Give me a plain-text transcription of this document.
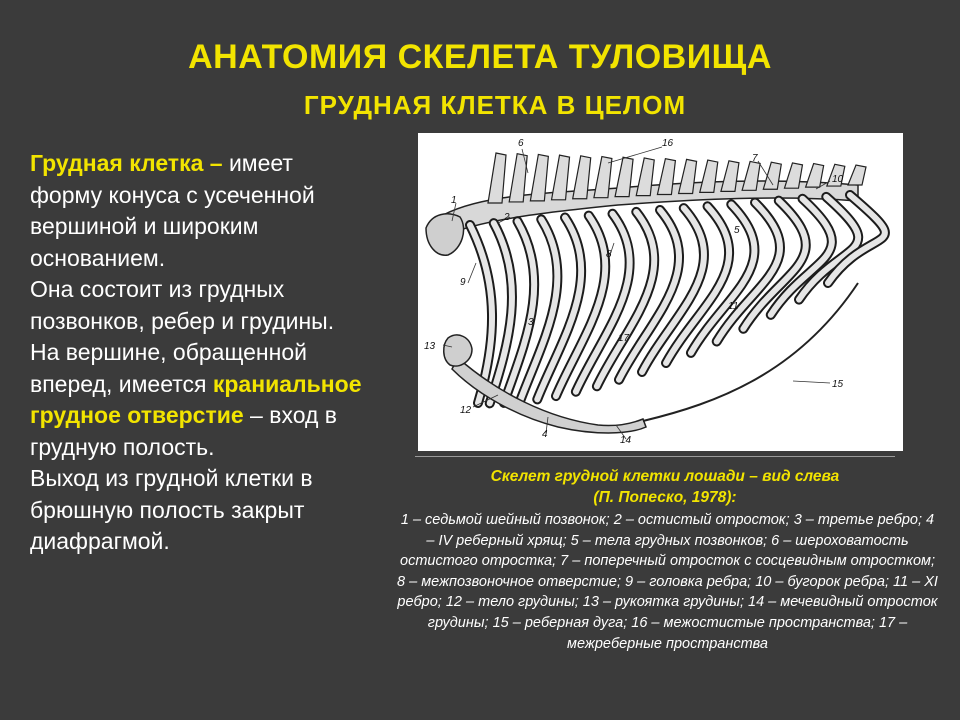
АНАТОМИЯ СКЕЛЕТА ТУЛОВИЩА
ГРУДНАЯ КЛЕТКА В ЦЕЛОМ

Грудная клетка – имеет форму конуса с усеченной вершиной и широким основанием.

Она состоит из грудных позвонков, ребер и грудины.

На вершине, обращенной вперед, имеется краниальное грудное отверстие – вход в грудную полость.

Выход из грудной клетки в брюшную полость закрыт диафрагмой.

6	16
7
10
1
2
5
9
8
11
3
17
13
15
12
4
14
Скелет грудной клетки лошади – вид слева
(П. Попеско, 1978):
1 – седьмой шейный позвонок; 2 – остистый отросток; 3 – третье ребро; 4 – IV реберный хрящ; 5 – тела грудных позвонков; 6 – шероховатость остистого отростка; 7 – поперечный отросток с сосцевидным отростком; 8 – межпозвоночное отверстие; 9 – головка ребра; 10 – бугорок ребра; 11 – XI ребро; 12 – тело грудины; 13 – рукоятка грудины; 14 – мечевидный отросток грудины; 15 – реберная дуга; 16 – межостистые пространства; 17 – межреберные пространства
